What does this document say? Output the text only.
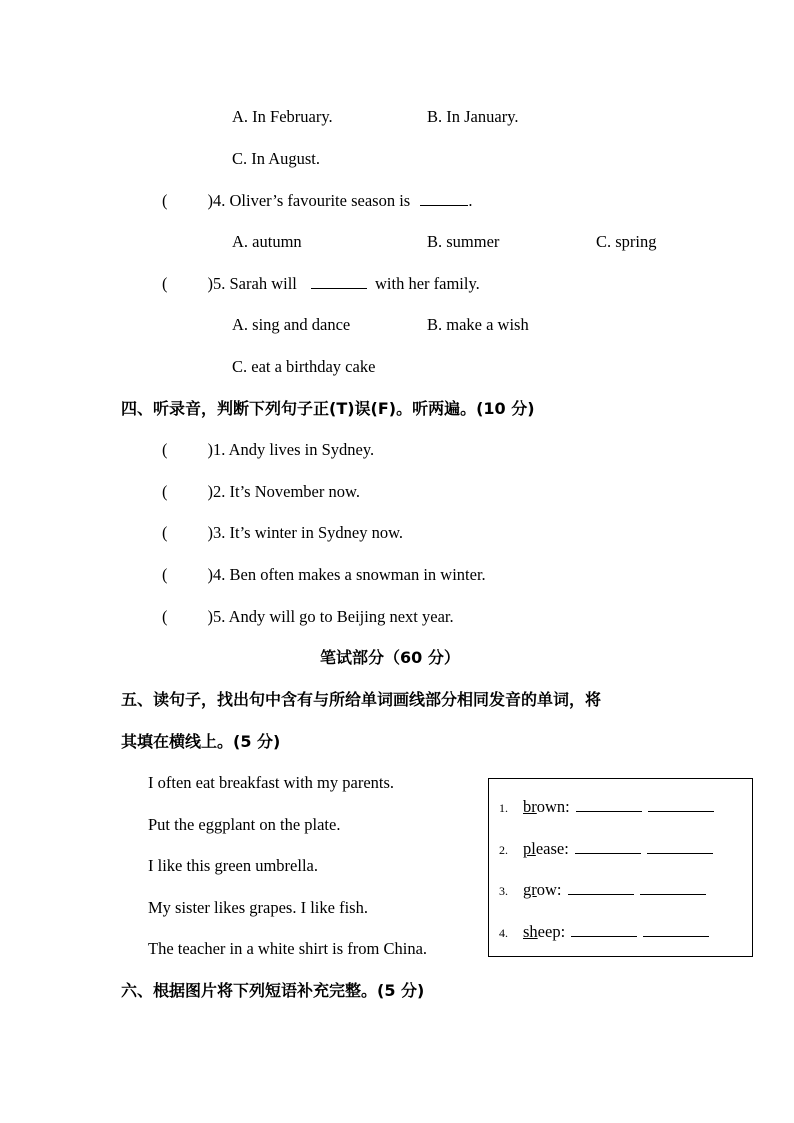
A. In February.	B. In January.
C. In August.
( )4. Oliver’s favourite season is	.
A. autumn	B. summer	C. spring
( )5. Sarah will	with her family.
A. sing and dance	B. make a wish
C. eat a birthday cake
四、听录音，判断下列句子正(T)误(F)。听两遍。(10 分)
( )1. Andy lives in Sydney.
( )2. It’s November now.
( )3. It’s winter in Sydney now.
( )4. Ben often makes a snowman in winter.
( )5. Andy will go to Beijing next year.
笔试部分（60 分）
五、读句子，找出句中含有与所给单词画线部分相同发音的单词，将
其填在横线上。(5 分)
I often eat breakfast with my parents.
Put the eggplant on the plate.
I like this green umbrella.
My sister likes grapes. I like fish.
The teacher in a white shirt is from China.
1. brown:
2. please:
3. grow:
4. sheep:
六、根据图片将下列短语补充完整。(5 分)
